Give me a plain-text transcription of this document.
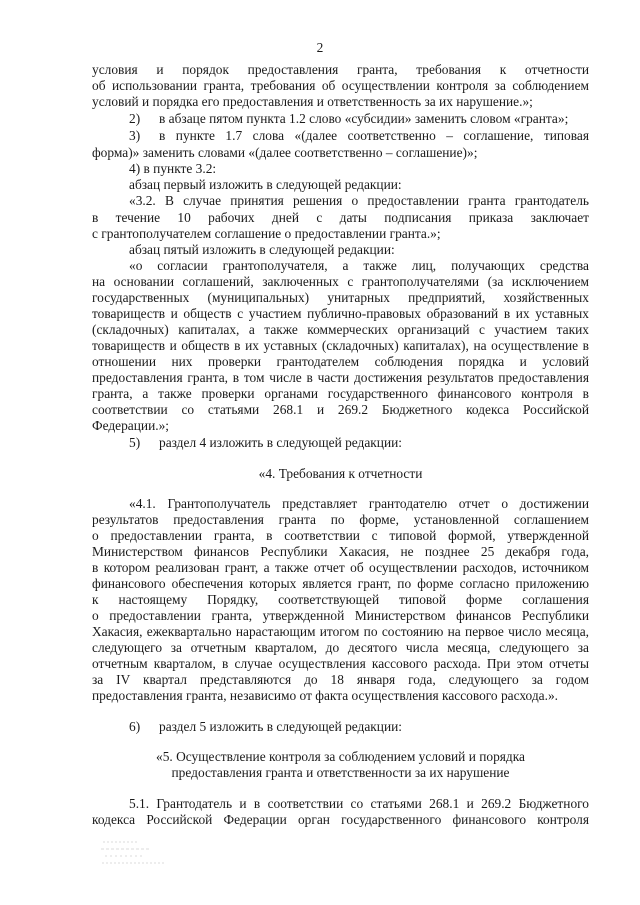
2
условия и порядок предоставления гранта, требования к отчетности
об использовании гранта, требования об осуществлении контроля за соблюдением
условий и порядка его предоставления и ответственность за их нарушение.»;
2) в абзаце пятом пункта 1.2 слово «субсидии» заменить словом «гранта»;
3) в пункте 1.7 слова «(далее соответственно – соглашение, типовая
форма)» заменить словами «(далее соответственно – соглашение)»;
4) в пункте 3.2:
абзац первый изложить в следующей редакции:
«3.2. В случае принятия решения о предоставлении гранта грантодатель
в течение 10 рабочих дней с даты подписания приказа заключает
с грантополучателем соглашение о предоставлении гранта.»;
абзац пятый изложить в следующей редакции:
«о согласии грантополучателя, а также лиц, получающих средства
на основании соглашений, заключенных с грантополучателями (за исключением
государственных (муниципальных) унитарных предприятий, хозяйственных
товариществ и обществ с участием публично-правовых образований в их уставных
(складочных) капиталах, а также коммерческих организаций с участием таких
товариществ и обществ в их уставных (складочных) капиталах), на осуществление в
отношении них проверки грантодателем соблюдения порядка и условий
предоставления гранта, в том числе в части достижения результатов предоставления
гранта, а также проверки органами государственного финансового контроля в
соответствии со статьями 268.1 и 269.2 Бюджетного кодекса Российской
Федерации.»;
5) раздел 4 изложить в следующей редакции:
«4. Требования к отчетности
«4.1. Грантополучатель представляет грантодателю отчет о достижении
результатов предоставления гранта по форме, установленной соглашением
о предоставлении гранта, в соответствии с типовой формой, утвержденной
Министерством финансов Республики Хакасия, не позднее 25 декабря года,
в котором реализован грант, а также отчет об осуществлении расходов, источником
финансового обеспечения которых является грант, по форме согласно приложению
к настоящему Порядку, соответствующей типовой форме соглашения
о предоставлении гранта, утвержденной Министерством финансов Республики
Хакасия, ежеквартально нарастающим итогом по состоянию на первое число месяца,
следующего за отчетным кварталом, до десятого числа месяца, следующего за
отчетным кварталом, в случае осуществления кассового расхода. При этом отчеты
за IV квартал представляются до 18 января года, следующего за годом
предоставления гранта, независимо от факта осуществления кассового расхода.».
6) раздел 5 изложить в следующей редакции:
«5. Осуществление контроля за соблюдением условий и порядка
предоставления гранта и ответственности за их нарушение
5.1. Грантодатель и в соответствии со статьями 268.1 и 269.2 Бюджетного
кодекса Российской Федерации орган государственного финансового контроля
